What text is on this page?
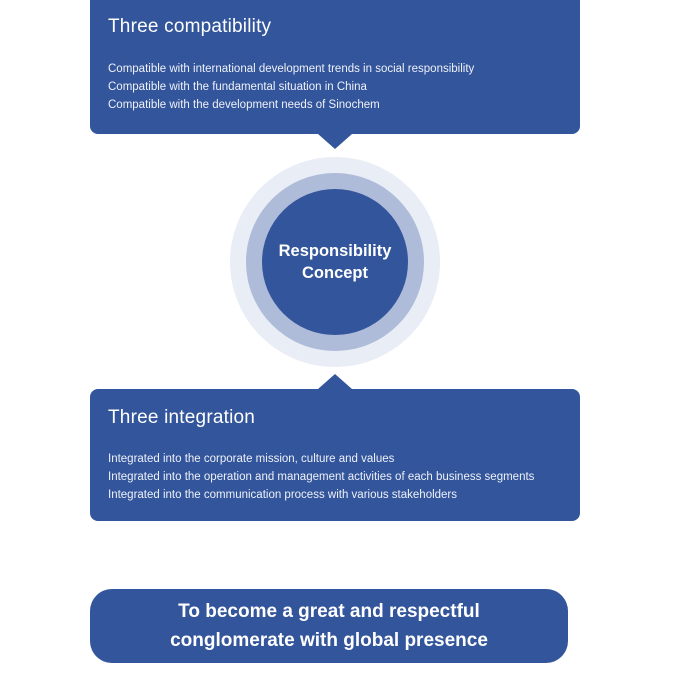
Three compatibility
Compatible with international development trends in social responsibility
Compatible with the fundamental situation in China
Compatible with the development needs of Sinochem
Responsibility
Concept
Three integration
Integrated into the corporate mission, culture and values
Integrated into the operation and management activities of each business segments
Integrated into the communication process with various stakeholders
To become a great and respectful
conglomerate with global presence
